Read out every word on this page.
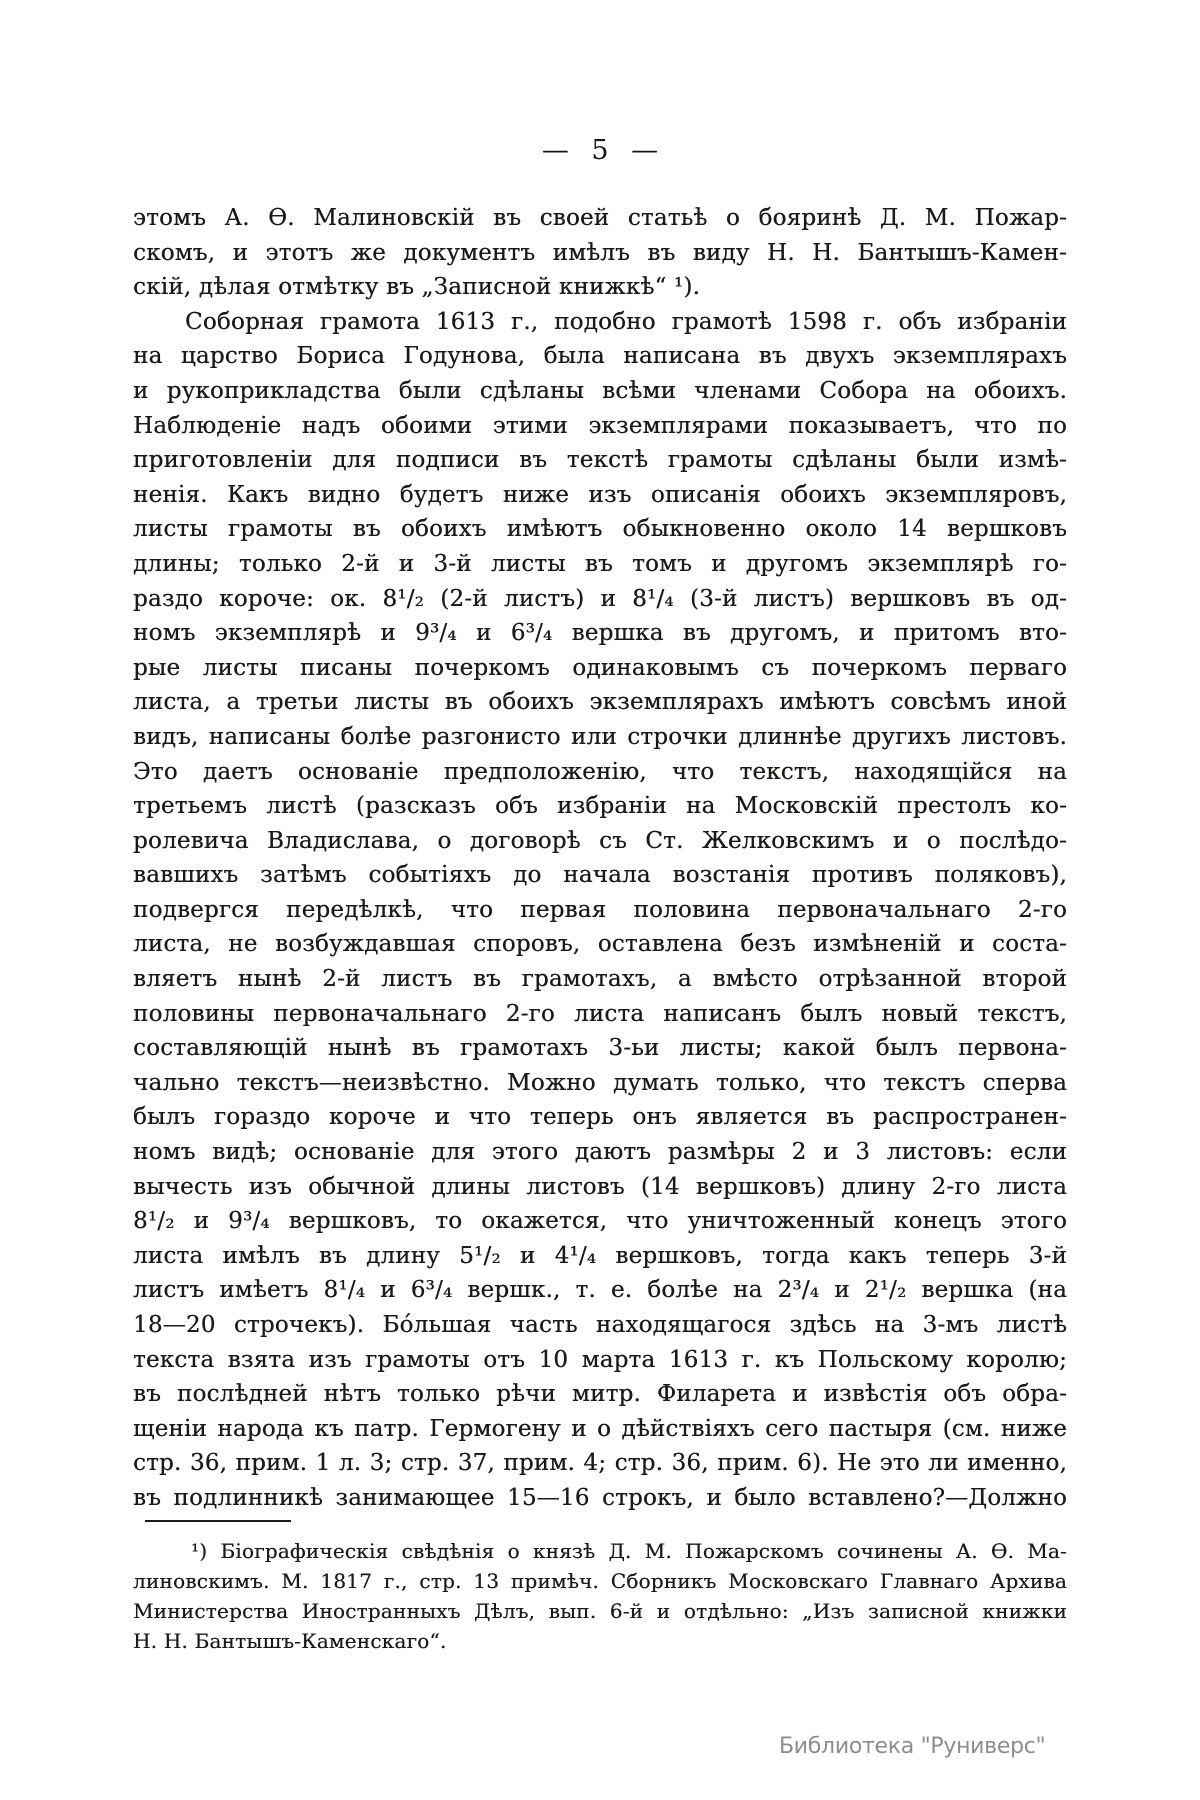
— 5 —
этомъ А. Ѳ. Малиновскій въ своей статьѣ о бояринѣ Д. М. Пожар-
скомъ, и этотъ же документъ имѣлъ въ виду Н. Н. Бантышъ-Камен-
скій, дѣлая отмѣтку въ „Записной книжкѣ“ ¹).
Соборная грамота 1613 г., подобно грамотѣ 1598 г. объ избраніи
на царство Бориса Годунова, была написана въ двухъ экземплярахъ
и рукоприкладства были сдѣланы всѣми членами Собора на обоихъ.
Наблюденіе надъ обоими этими экземплярами показываетъ, что по
приготовленіи для подписи въ текстѣ грамоты сдѣланы были измѣ-
ненія. Какъ видно будетъ ниже изъ описанія обоихъ экземпляровъ,
листы грамоты въ обоихъ имѣютъ обыкновенно около 14 вершковъ
длины; только 2-й и 3-й листы въ томъ и другомъ экземплярѣ го-
раздо короче: ок. 8¹/₂ (2-й листъ) и 8¹/₄ (3-й листъ) вершковъ въ од-
номъ экземплярѣ и 9³/₄ и 6³/₄ вершка въ другомъ, и притомъ вто-
рые листы писаны почеркомъ одинаковымъ съ почеркомъ перваго
листа, а третьи листы въ обоихъ экземплярахъ имѣютъ совсѣмъ иной
видъ, написаны болѣе разгонисто или строчки длиннѣе другихъ листовъ.
Это даетъ основаніе предположенію, что текстъ, находящійся на
третьемъ листѣ (разсказъ объ избраніи на Московскій престолъ ко-
ролевича Владислава, о договорѣ съ Ст. Желковскимъ и о послѣдо-
вавшихъ затѣмъ событіяхъ до начала возстанія противъ поляковъ),
подвергся передѣлкѣ, что первая половина первоначальнаго 2-го
листа, не возбуждавшая споровъ, оставлена безъ измѣненій и соста-
вляетъ нынѣ 2-й листъ въ грамотахъ, а вмѣсто отрѣзанной второй
половины первоначальнаго 2-го листа написанъ былъ новый текстъ,
составляющій нынѣ въ грамотахъ 3-ьи листы; какой былъ первона-
чально текстъ—неизвѣстно. Можно думать только, что текстъ сперва
былъ гораздо короче и что теперь онъ является въ распространен-
номъ видѣ; основаніе для этого даютъ размѣры 2 и 3 листовъ: если
вычесть изъ обычной длины листовъ (14 вершковъ) длину 2-го листа
8¹/₂ и 9³/₄ вершковъ, то окажется, что уничтоженный конецъ этого
листа имѣлъ въ длину 5¹/₂ и 4¹/₄ вершковъ, тогда какъ теперь 3-й
листъ имѣетъ 8¹/₄ и 6³/₄ вершк., т. е. болѣе на 2³/₄ и 2¹/₂ вершка (на
18—20 строчекъ). Бо́льшая часть находящагося здѣсь на 3-мъ листѣ
текста взята изъ грамоты отъ 10 марта 1613 г. къ Польскому королю;
въ послѣдней нѣтъ только рѣчи митр. Филарета и извѣстія объ обра-
щеніи народа къ патр. Гермогену и о дѣйствіяхъ сего пастыря (см. ниже
стр. 36, прим. 1 л. 3; стр. 37, прим. 4; стр. 36, прим. 6). Не это ли именно,
въ подлинникѣ занимающее 15—16 строкъ, и было вставлено?—Должно
¹) Біографическія свѣдѣнія о князѣ Д. М. Пожарскомъ сочинены А. Ѳ. Ма-
линовскимъ. М. 1817 г., стр. 13 примѣч. Сборникъ Московскаго Главнаго Архива
Министерства Иностранныхъ Дѣлъ, вып. 6-й и отдѣльно: „Изъ записной книжки
Н. Н. Бантышъ-Каменскаго“.
Библиотека "Руниверс"
